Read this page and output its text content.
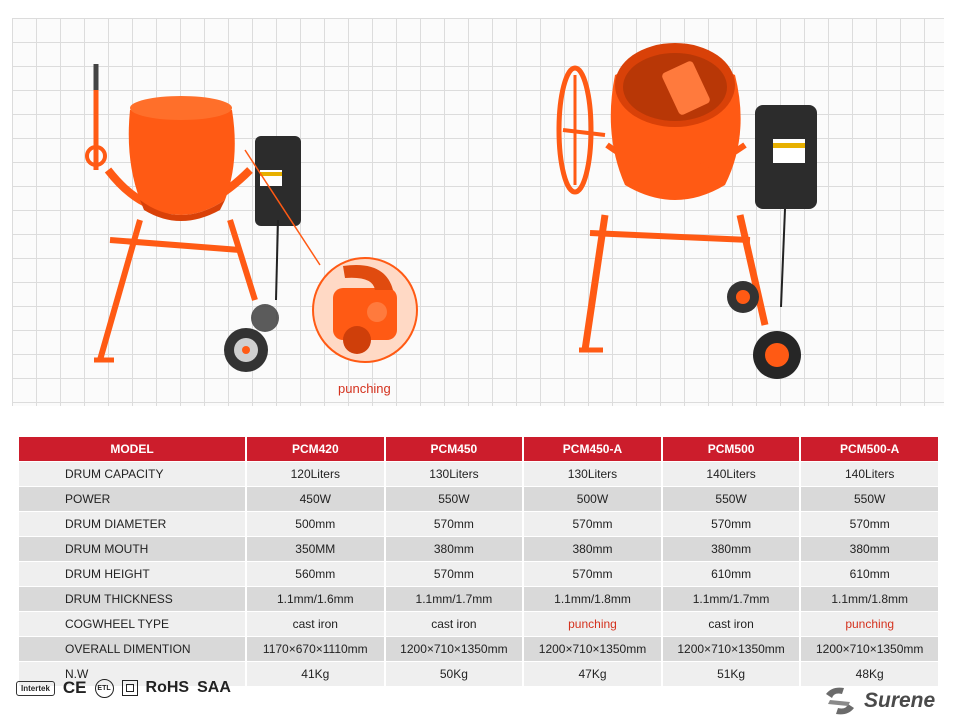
punching
MODEL	PCM420	PCM450	PCM450-A	PCM500	PCM500-A
DRUM CAPACITY	120Liters	130Liters	130Liters	140Liters	140Liters
POWER	450W	550W	500W	550W	550W
DRUM DIAMETER	500mm	570mm	570mm	570mm	570mm
DRUM MOUTH	350MM	380mm	380mm	380mm	380mm
DRUM HEIGHT	560mm	570mm	570mm	610mm	610mm
DRUM THICKNESS	1.1mm/1.6mm	1.1mm/1.7mm	1.1mm/1.8mm	1.1mm/1.7mm	1.1mm/1.8mm
COGWHEEL TYPE	cast iron	cast iron	punching	cast iron	punching
OVERALL DIMENTION	1170×670×1110mm	1200×710×1350mm	1200×710×1350mm	1200×710×1350mm	1200×710×1350mm
N.W	41Kg	50Kg	47Kg	51Kg	48Kg
Intertek CE	ETL RoHS SAA
Surene
